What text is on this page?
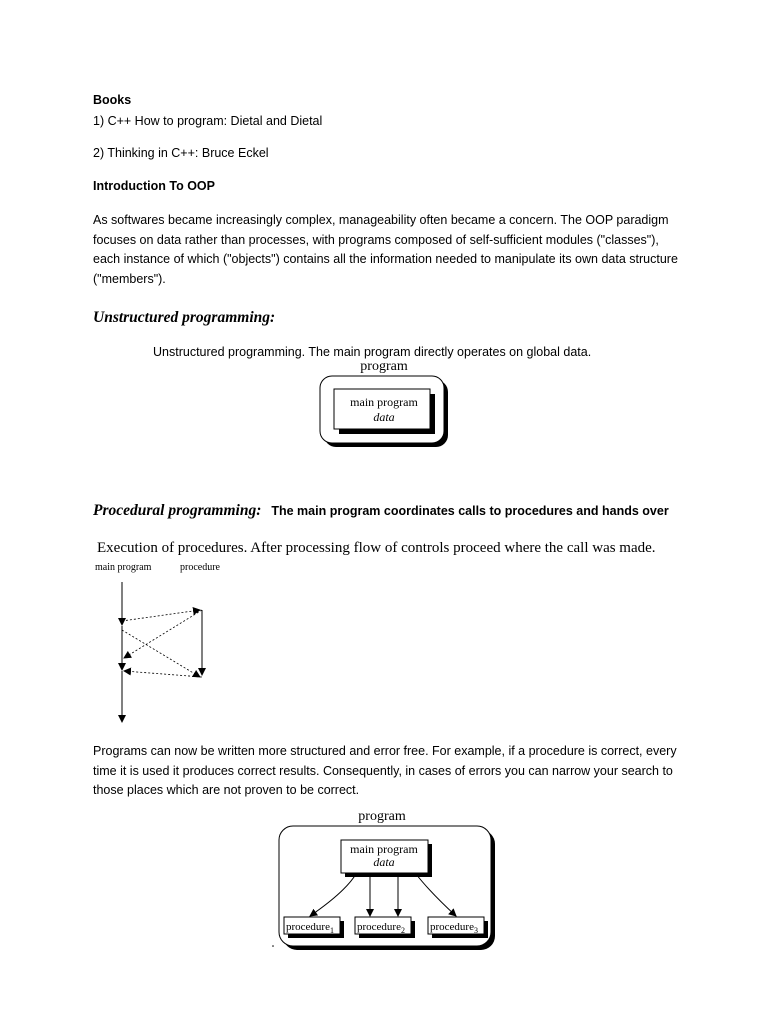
Books
1) C++ How to program: Dietal and Dietal
2) Thinking in C++: Bruce Eckel
Introduction To OOP
As softwares became increasingly complex, manageability often became a concern. The OOP paradigm focuses on data rather than processes, with programs composed of self-sufficient modules ("classes"), each instance of which ("objects") contains all the information needed to manipulate its own data structure ("members").
Unstructured programming:
Unstructured programming. The main program directly operates on global data.
program
main program
data
Procedural programming: The main program coordinates calls to procedures and hands over
Execution of procedures. After processing flow of controls proceed where the call was made.
main program	procedure
Programs can now be written more structured and error free. For example, if a procedure is correct, every time it is used it produces correct results. Consequently, in cases of errors you can narrow your search to those places which are not proven to be correct.
program
main program
data
procedure$_1$ procedure$_2$ procedure$_3$
